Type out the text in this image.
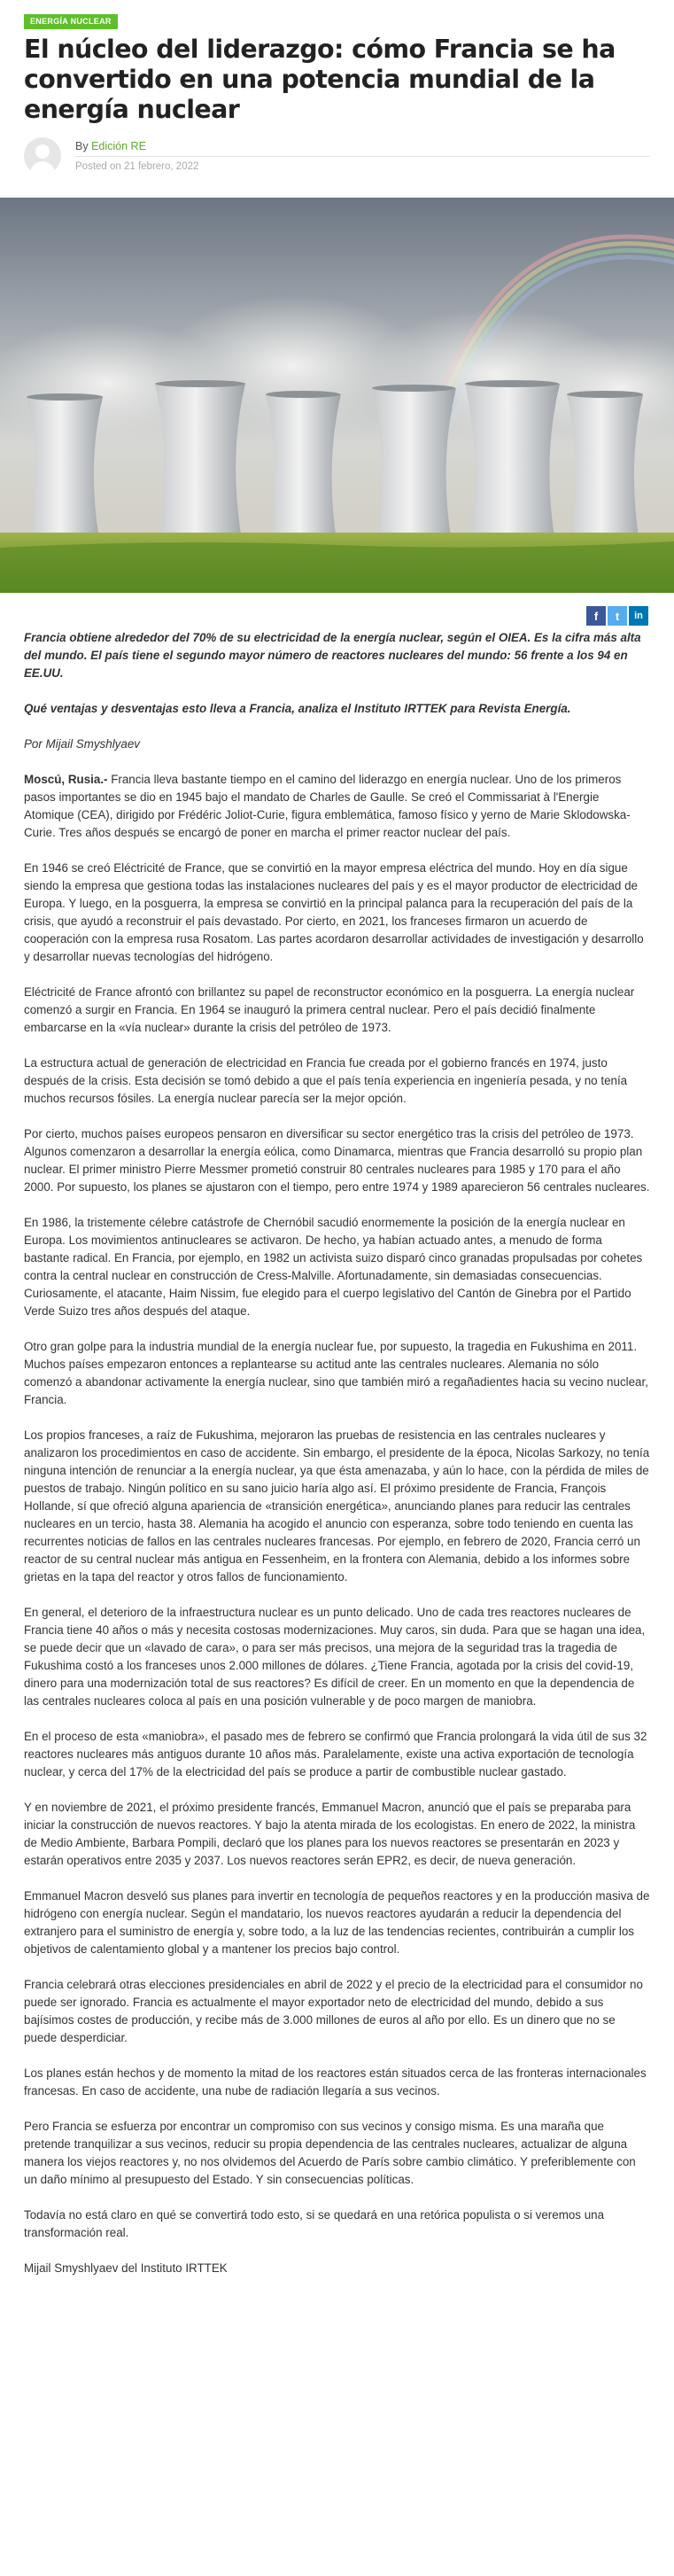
ENERGÍA NUCLEAR
El núcleo del liderazgo: cómo Francia se ha convertido en una potencia mundial de la energía nuclear
By Edición RE
Posted on 21 febrero, 2022
f	t	in

Francia obtiene alrededor del 70% de su electricidad de la energía nuclear, según el OIEA. Es la cifra más alta del mundo. El país tiene el segundo mayor número de reactores nucleares del mundo: 56 frente a los 94 en EE.UU.

Qué ventajas y desventajas esto lleva a Francia, analiza el Instituto IRTTEK para Revista Energía.

Por Mijail Smyshlyaev

Moscú, Rusia.- Francia lleva bastante tiempo en el camino del liderazgo en energía nuclear. Uno de los primeros pasos importantes se dio en 1945 bajo el mandato de Charles de Gaulle. Se creó el Commissariat à l'Energie Atomique (CEA), dirigido por Frédéric Joliot-Curie, figura emblemática, famoso físico y yerno de Marie Sklodowska-Curie. Tres años después se encargó de poner en marcha el primer reactor nuclear del país.

En 1946 se creó Eléctricité de France, que se convirtió en la mayor empresa eléctrica del mundo. Hoy en día sigue siendo la empresa que gestiona todas las instalaciones nucleares del país y es el mayor productor de electricidad de Europa. Y luego, en la posguerra, la empresa se convirtió en la principal palanca para la recuperación del país de la crisis, que ayudó a reconstruir el país devastado. Por cierto, en 2021, los franceses firmaron un acuerdo de cooperación con la empresa rusa Rosatom. Las partes acordaron desarrollar actividades de investigación y desarrollo y desarrollar nuevas tecnologías del hidrógeno.

Eléctricité de France afrontó con brillantez su papel de reconstructor económico en la posguerra. La energía nuclear comenzó a surgir en Francia. En 1964 se inauguró la primera central nuclear. Pero el país decidió finalmente embarcarse en la «vía nuclear» durante la crisis del petróleo de 1973.

La estructura actual de generación de electricidad en Francia fue creada por el gobierno francés en 1974, justo después de la crisis. Esta decisión se tomó debido a que el país tenía experiencia en ingeniería pesada, y no tenía muchos recursos fósiles. La energía nuclear parecía ser la mejor opción.

Por cierto, muchos países europeos pensaron en diversificar su sector energético tras la crisis del petróleo de 1973. Algunos comenzaron a desarrollar la energía eólica, como Dinamarca, mientras que Francia desarrolló su propio plan nuclear. El primer ministro Pierre Messmer prometió construir 80 centrales nucleares para 1985 y 170 para el año 2000. Por supuesto, los planes se ajustaron con el tiempo, pero entre 1974 y 1989 aparecieron 56 centrales nucleares.

En 1986, la tristemente célebre catástrofe de Chernóbil sacudió enormemente la posición de la energía nuclear en Europa. Los movimientos antinucleares se activaron. De hecho, ya habían actuado antes, a menudo de forma bastante radical. En Francia, por ejemplo, en 1982 un activista suizo disparó cinco granadas propulsadas por cohetes contra la central nuclear en construcción de Cress-Malville. Afortunadamente, sin demasiadas consecuencias. Curiosamente, el atacante, Haim Nissim, fue elegido para el cuerpo legislativo del Cantón de Ginebra por el Partido Verde Suizo tres años después del ataque.

Otro gran golpe para la industria mundial de la energía nuclear fue, por supuesto, la tragedia en Fukushima en 2011. Muchos países empezaron entonces a replantearse su actitud ante las centrales nucleares. Alemania no sólo comenzó a abandonar activamente la energía nuclear, sino que también miró a regañadientes hacia su vecino nuclear, Francia.

Los propios franceses, a raíz de Fukushima, mejoraron las pruebas de resistencia en las centrales nucleares y analizaron los procedimientos en caso de accidente. Sin embargo, el presidente de la época, Nicolas Sarkozy, no tenía ninguna intención de renunciar a la energía nuclear, ya que ésta amenazaba, y aún lo hace, con la pérdida de miles de puestos de trabajo. Ningún político en su sano juicio haría algo así. El próximo presidente de Francia, François Hollande, sí que ofreció alguna apariencia de «transición energética», anunciando planes para reducir las centrales nucleares en un tercio, hasta 38. Alemania ha acogido el anuncio con esperanza, sobre todo teniendo en cuenta las recurrentes noticias de fallos en las centrales nucleares francesas. Por ejemplo, en febrero de 2020, Francia cerró un reactor de su central nuclear más antigua en Fessenheim, en la frontera con Alemania, debido a los informes sobre grietas en la tapa del reactor y otros fallos de funcionamiento.

En general, el deterioro de la infraestructura nuclear es un punto delicado. Uno de cada tres reactores nucleares de Francia tiene 40 años o más y necesita costosas modernizaciones. Muy caros, sin duda. Para que se hagan una idea, se puede decir que un «lavado de cara», o para ser más precisos, una mejora de la seguridad tras la tragedia de Fukushima costó a los franceses unos 2.000 millones de dólares. ¿Tiene Francia, agotada por la crisis del covid-19, dinero para una modernización total de sus reactores? Es difícil de creer. En un momento en que la dependencia de las centrales nucleares coloca al país en una posición vulnerable y de poco margen de maniobra.

En el proceso de esta «maniobra», el pasado mes de febrero se confirmó que Francia prolongará la vida útil de sus 32 reactores nucleares más antiguos durante 10 años más. Paralelamente, existe una activa exportación de tecnología nuclear, y cerca del 17% de la electricidad del país se produce a partir de combustible nuclear gastado.

Y en noviembre de 2021, el próximo presidente francés, Emmanuel Macron, anunció que el país se preparaba para iniciar la construcción de nuevos reactores. Y bajo la atenta mirada de los ecologistas. En enero de 2022, la ministra de Medio Ambiente, Barbara Pompili, declaró que los planes para los nuevos reactores se presentarán en 2023 y estarán operativos entre 2035 y 2037. Los nuevos reactores serán EPR2, es decir, de nueva generación.

Emmanuel Macron desveló sus planes para invertir en tecnología de pequeños reactores y en la producción masiva de hidrógeno con energía nuclear. Según el mandatario, los nuevos reactores ayudarán a reducir la dependencia del extranjero para el suministro de energía y, sobre todo, a la luz de las tendencias recientes, contribuirán a cumplir los objetivos de calentamiento global y a mantener los precios bajo control.

Francia celebrará otras elecciones presidenciales en abril de 2022 y el precio de la electricidad para el consumidor no puede ser ignorado. Francia es actualmente el mayor exportador neto de electricidad del mundo, debido a sus bajísimos costes de producción, y recibe más de 3.000 millones de euros al año por ello. Es un dinero que no se puede desperdiciar.

Los planes están hechos y de momento la mitad de los reactores están situados cerca de las fronteras internacionales francesas. En caso de accidente, una nube de radiación llegaría a sus vecinos.

Pero Francia se esfuerza por encontrar un compromiso con sus vecinos y consigo misma. Es una maraña que pretende tranquilizar a sus vecinos, reducir su propia dependencia de las centrales nucleares, actualizar de alguna manera los viejos reactores y, no nos olvidemos del Acuerdo de París sobre cambio climático. Y preferiblemente con un daño mínimo al presupuesto del Estado. Y sin consecuencias políticas.

Todavía no está claro en qué se convertirá todo esto, si se quedará en una retórica populista o si veremos una transformación real.

Mijail Smyshlyaev del Instituto IRTTEK
